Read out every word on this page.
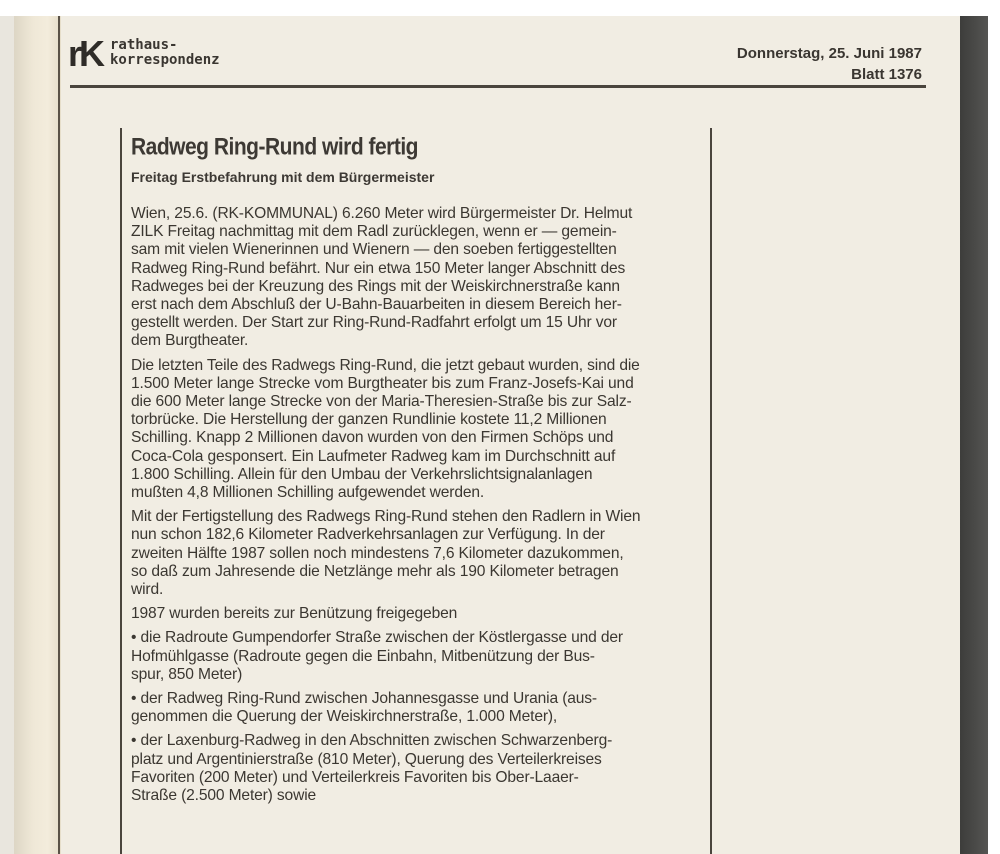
rK rathaus-
korrespondenz	Donnerstag, 25. Juni 1987
Blatt 1376
Radweg Ring-Rund wird fertig
Freitag Erstbefahrung mit dem Bürgermeister
Wien, 25.6. (RK-KOMMUNAL) 6.260 Meter wird Bürgermeister Dr. Helmut
ZILK Freitag nachmittag mit dem Radl zurücklegen, wenn er — gemein-
sam mit vielen Wienerinnen und Wienern — den soeben fertiggestellten
Radweg Ring-Rund befährt. Nur ein etwa 150 Meter langer Abschnitt des
Radweges bei der Kreuzung des Rings mit der Weiskirchnerstraße kann
erst nach dem Abschluß der U-Bahn-Bauarbeiten in diesem Bereich her-
gestellt werden. Der Start zur Ring-Rund-Radfahrt erfolgt um 15 Uhr vor
dem Burgtheater.
Die letzten Teile des Radwegs Ring-Rund, die jetzt gebaut wurden, sind die
1.500 Meter lange Strecke vom Burgtheater bis zum Franz-Josefs-Kai und
die 600 Meter lange Strecke von der Maria-Theresien-Straße bis zur Salz-
torbrücke. Die Herstellung der ganzen Rundlinie kostete 11,2 Millionen
Schilling. Knapp 2 Millionen davon wurden von den Firmen Schöps und
Coca-Cola gesponsert. Ein Laufmeter Radweg kam im Durchschnitt auf
1.800 Schilling. Allein für den Umbau der Verkehrslichtsignalanlagen
mußten 4,8 Millionen Schilling aufgewendet werden.
Mit der Fertigstellung des Radwegs Ring-Rund stehen den Radlern in Wien
nun schon 182,6 Kilometer Radverkehrsanlagen zur Verfügung. In der
zweiten Hälfte 1987 sollen noch mindestens 7,6 Kilometer dazukommen,
so daß zum Jahresende die Netzlänge mehr als 190 Kilometer betragen
wird.
1987 wurden bereits zur Benützung freigegeben
• die Radroute Gumpendorfer Straße zwischen der Köstlergasse und der
Hofmühlgasse (Radroute gegen die Einbahn, Mitbenützung der Bus-
spur, 850 Meter)
• der Radweg Ring-Rund zwischen Johannesgasse und Urania (aus-
genommen die Querung der Weiskirchnerstraße, 1.000 Meter),
• der Laxenburg-Radweg in den Abschnitten zwischen Schwarzenberg-
platz und Argentinierstraße (810 Meter), Querung des Verteilerkreises
Favoriten (200 Meter) und Verteilerkreis Favoriten bis Ober-Laaer-
Straße (2.500 Meter) sowie
